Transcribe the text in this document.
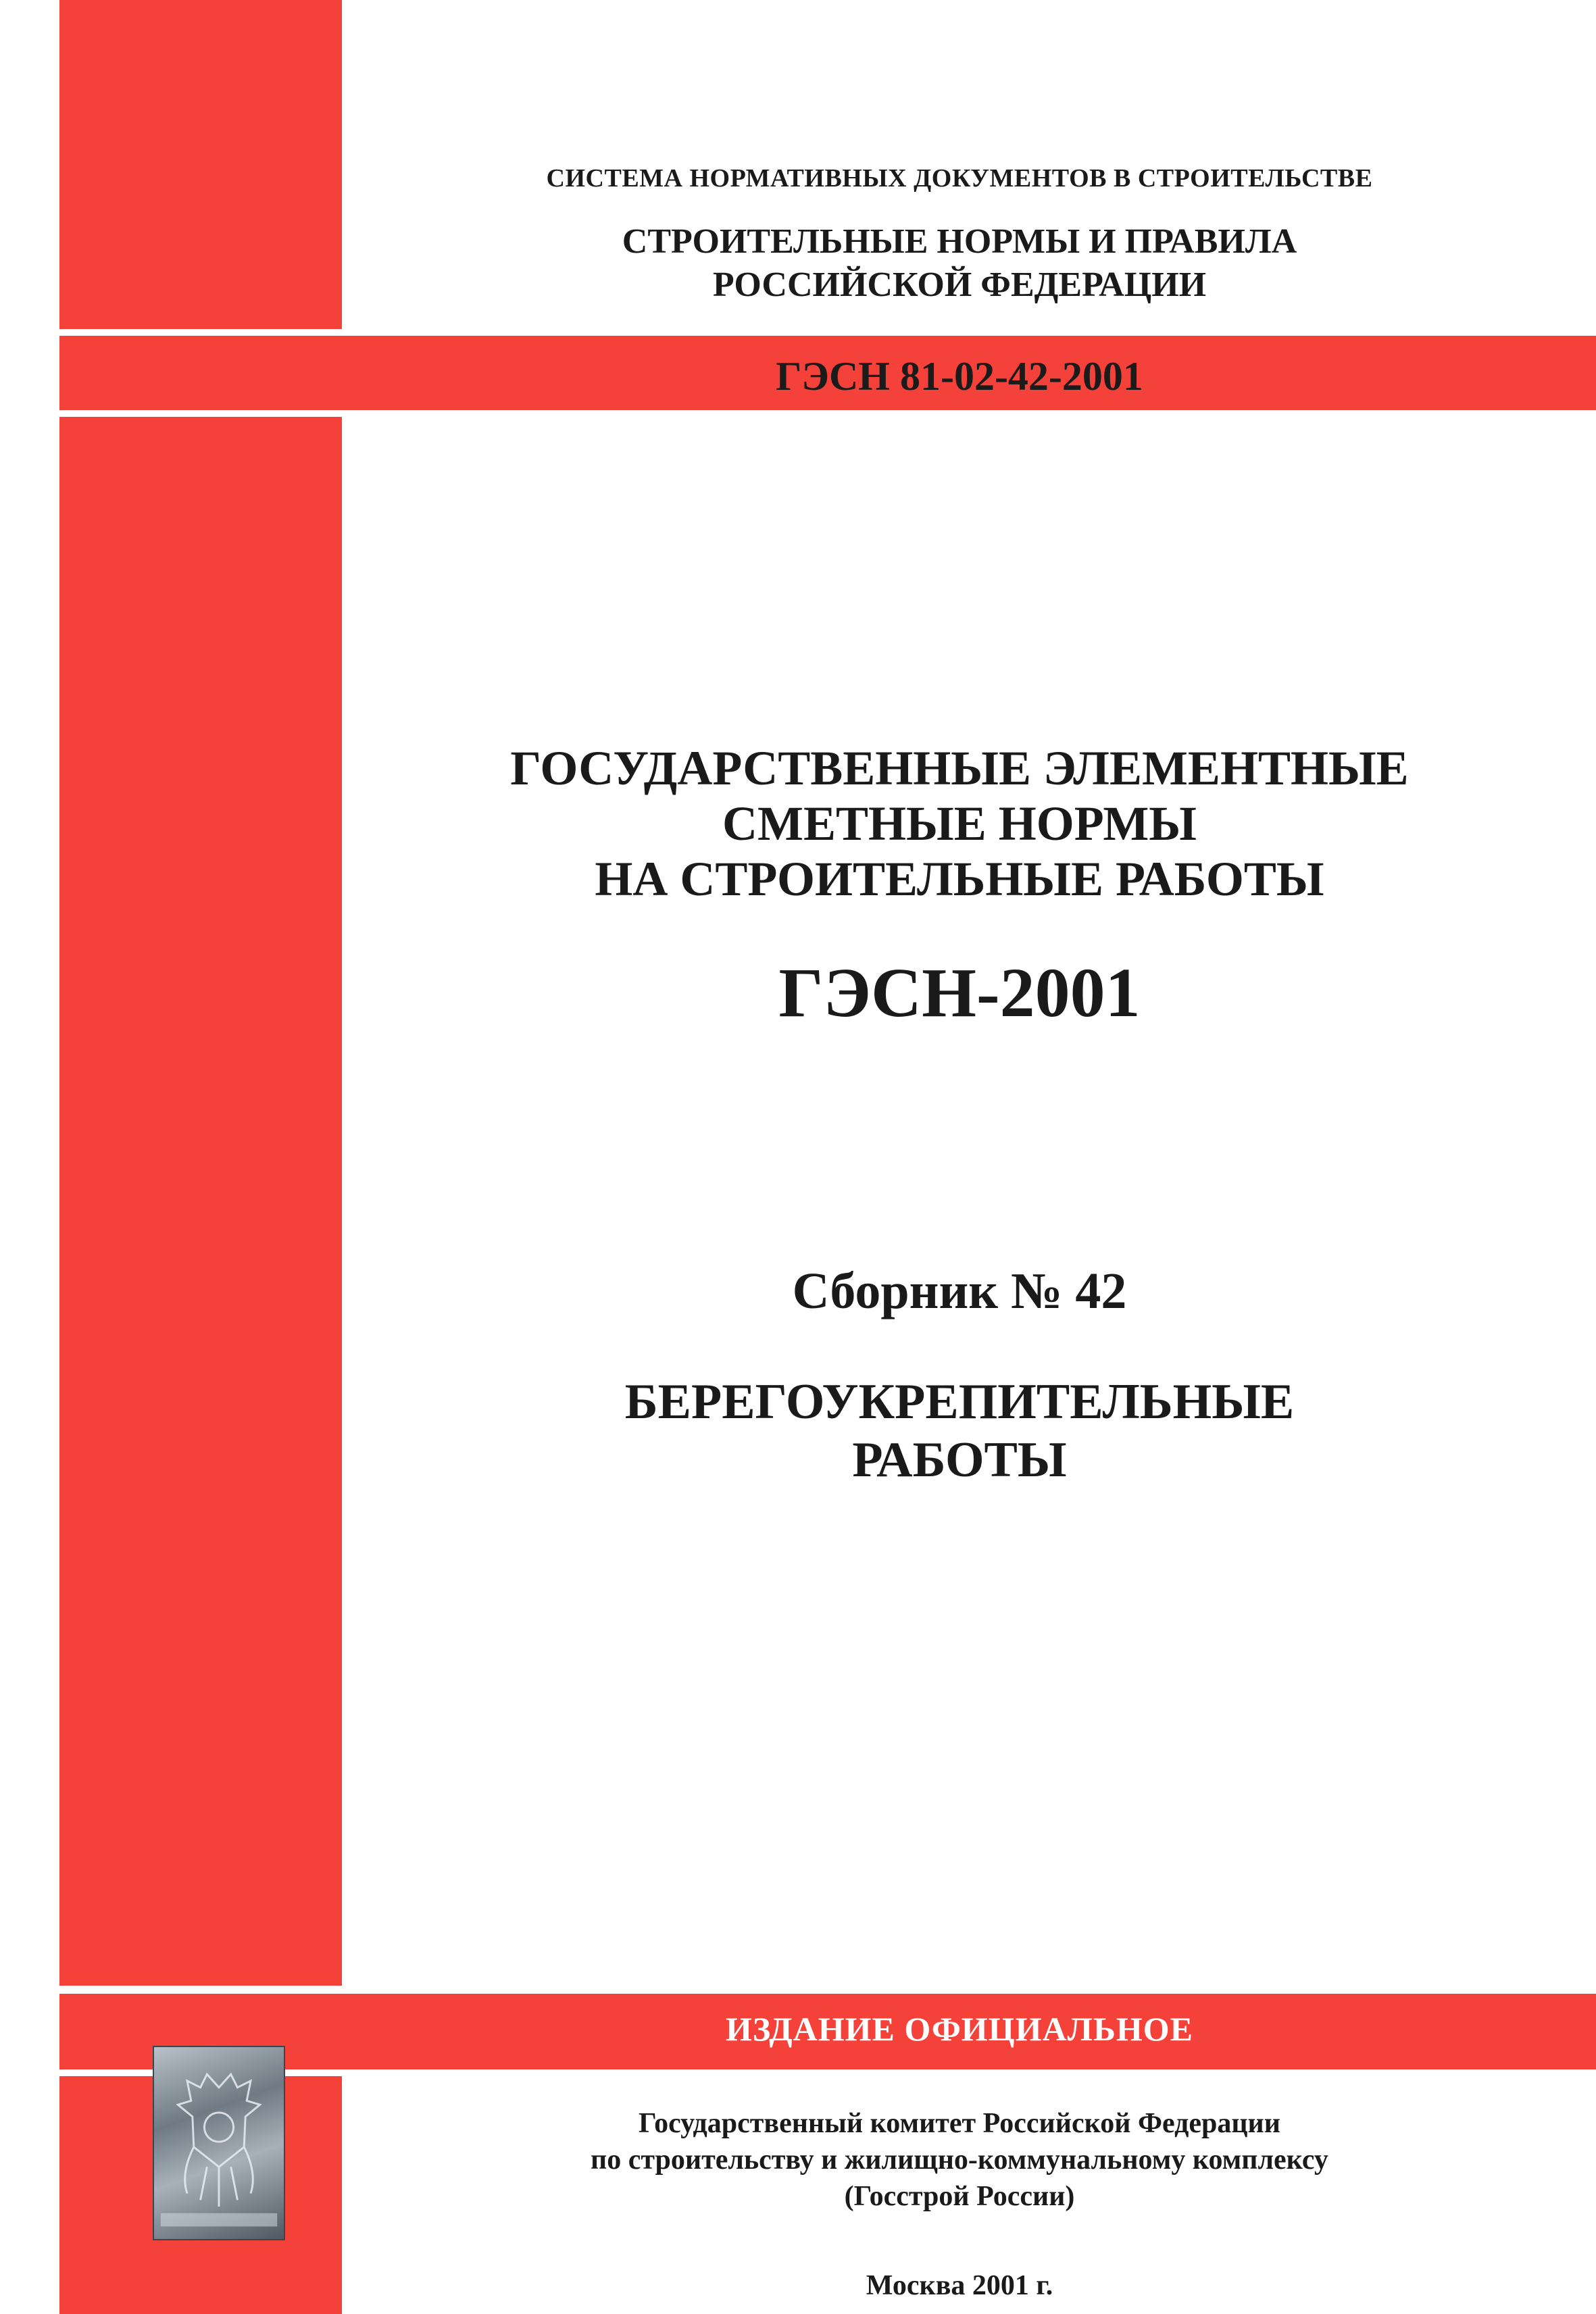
СИСТЕМА НОРМАТИВНЫХ ДОКУМЕНТОВ В СТРОИТЕЛЬСТВЕ

СТРОИТЕЛЬНЫЕ НОРМЫ И ПРАВИЛА
РОССИЙСКОЙ ФЕДЕРАЦИИ

ГЭСН 81-02-42-2001

ГОСУДАРСТВЕННЫЕ ЭЛЕМЕНТНЫЕ
СМЕТНЫЕ НОРМЫ
НА СТРОИТЕЛЬНЫЕ РАБОТЫ

ГЭСН-2001

Сборник № 42

БЕРЕГОУКРЕПИТЕЛЬНЫЕ
РАБОТЫ

ИЗДАНИЕ ОФИЦИАЛЬНОЕ

Государственный комитет Российской Федерации
по строительству и жилищно-коммунальному комплексу
(Госстрой России)

Москва 2001 г.
